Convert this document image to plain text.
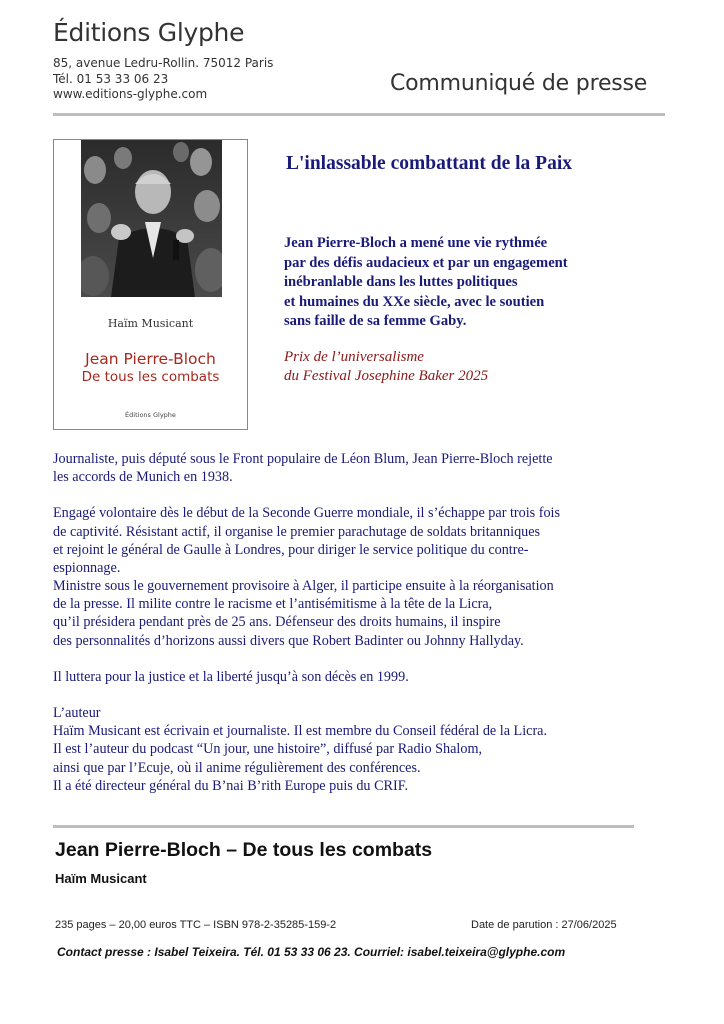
Éditions Glyphe
85, avenue Ledru-Rollin. 75012 Paris
Tél. 01 53 33 06 23
www.editions-glyphe.com	Communiqué de presse
Haïm Musicant
Jean Pierre-Bloch
De tous les combats
Éditions Glyphe
L'inlassable combattant de la Paix
Jean Pierre-Bloch a mené une vie rythmée
par des défis audacieux et par un engagement
inébranlable dans les luttes politiques
et humaines du XXe siècle, avec le soutien
sans faille de sa femme Gaby.
Prix de l’universalisme
du Festival Josephine Baker 2025
Journaliste, puis député sous le Front populaire de Léon Blum, Jean Pierre-Bloch rejette
les accords de Munich en 1938.
Engagé volontaire dès le début de la Seconde Guerre mondiale, il s’échappe par trois fois
de captivité. Résistant actif, il organise le premier parachutage de soldats britanniques
et rejoint le général de Gaulle à Londres, pour diriger le service politique du contre-
espionnage.
Ministre sous le gouvernement provisoire à Alger, il participe ensuite à la réorganisation
de la presse. Il milite contre le racisme et l’antisémitisme à la tête de la Licra,
qu’il présidera pendant près de 25 ans. Défenseur des droits humains, il inspire
des personnalités d’horizons aussi divers que Robert Badinter ou Johnny Hallyday.
Il luttera pour la justice et la liberté jusqu’à son décès en 1999.
L’auteur
Haïm Musicant est écrivain et journaliste. Il est membre du Conseil fédéral de la Licra.
Il est l’auteur du podcast “Un jour, une histoire”, diffusé par Radio Shalom,
ainsi que par l’Ecuje, où il anime régulièrement des conférences.
Il a été directeur général du B’nai B’rith Europe puis du CRIF.
Jean Pierre-Bloch – De tous les combats
Haïm Musicant
235 pages – 20,00 euros TTC – ISBN 978-2-35285-159-2	Date de parution : 27/06/2025
Contact presse : Isabel Teixeira. Tél. 01 53 33 06 23. Courriel: isabel.teixeira@glyphe.com
